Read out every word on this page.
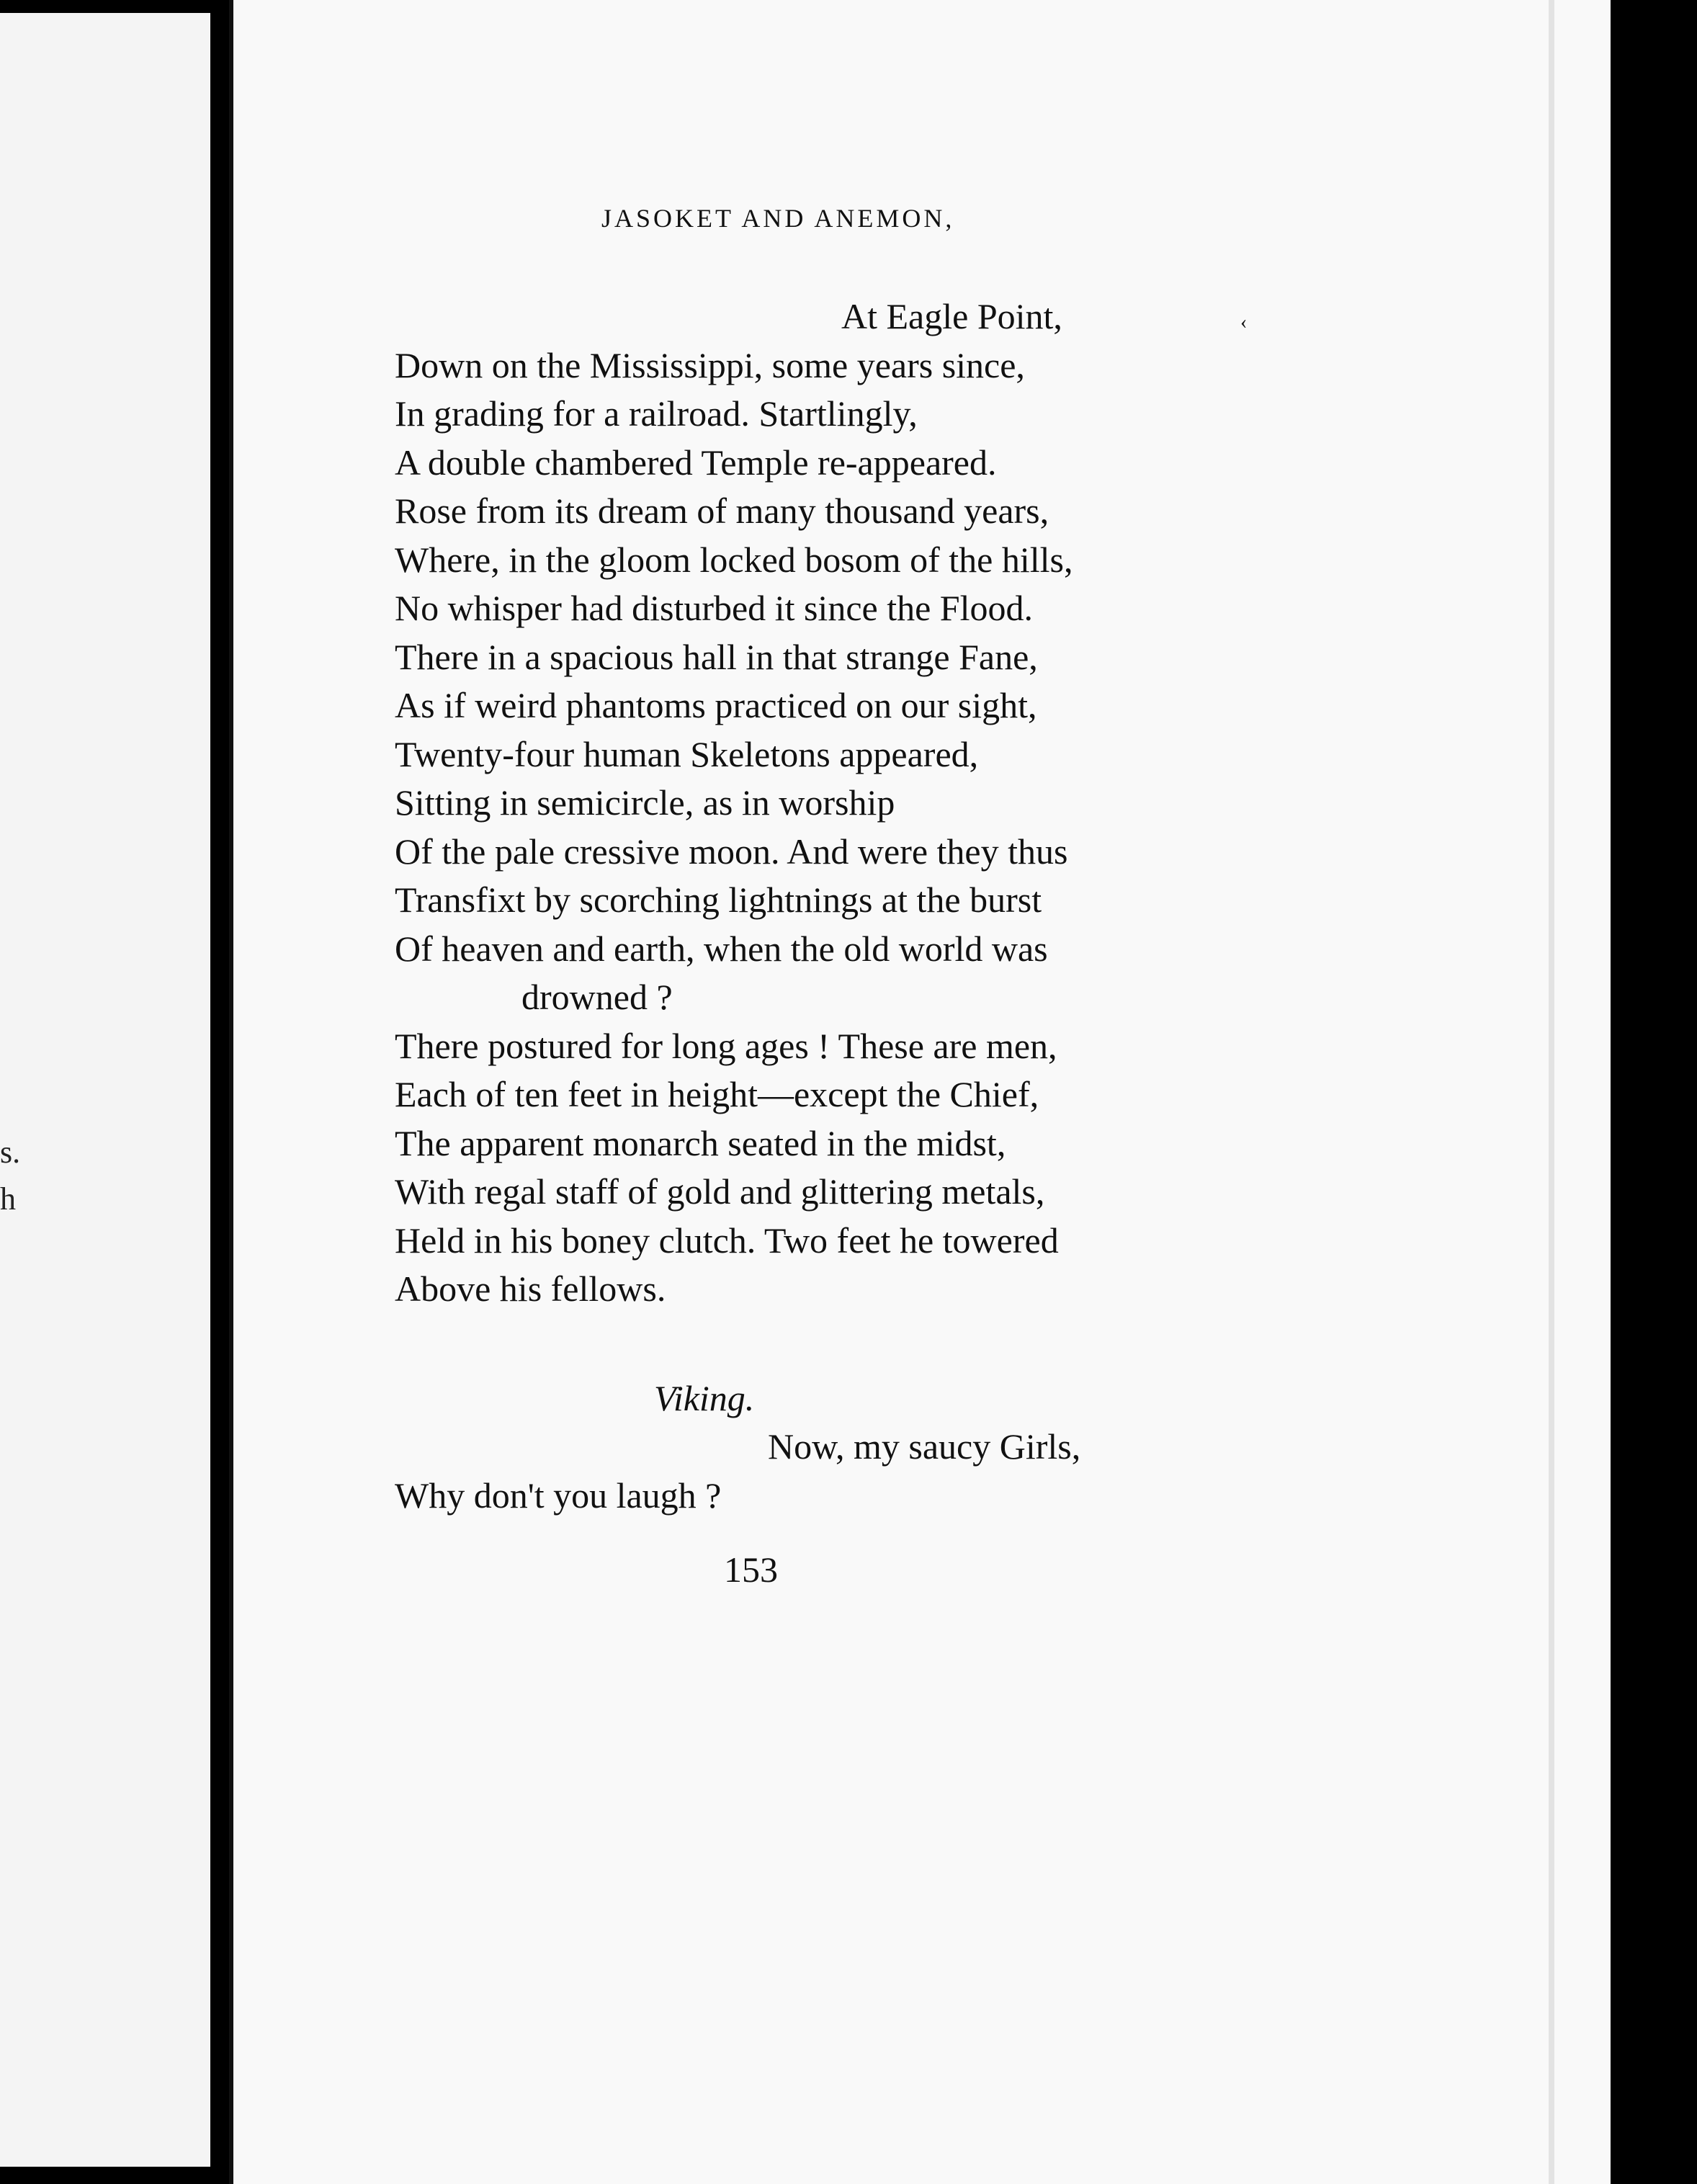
s.
h
JASOKET AND ANEMON,
‹
At Eagle Point,
Down on the Mississippi, some years since,
In grading for a railroad. Startlingly,
A double chambered Temple re-appeared.
Rose from its dream of many thousand years,
Where, in the gloom locked bosom of the hills,
No whisper had disturbed it since the Flood.
There in a spacious hall in that strange Fane,
As if weird phantoms practiced on our sight,
Twenty-four human Skeletons appeared,
Sitting in semicircle, as in worship
Of the pale cressive moon. And were they thus
Transfixt by scorching lightnings at the burst
Of heaven and earth, when the old world was
drowned ?
There postured for long ages ! These are men,
Each of ten feet in height—except the Chief,
The apparent monarch seated in the midst,
With regal staff of gold and glittering metals,
Held in his boney clutch. Two feet he towered
Above his fellows.
Viking.
Now, my saucy Girls,
Why don't you laugh ?
153
